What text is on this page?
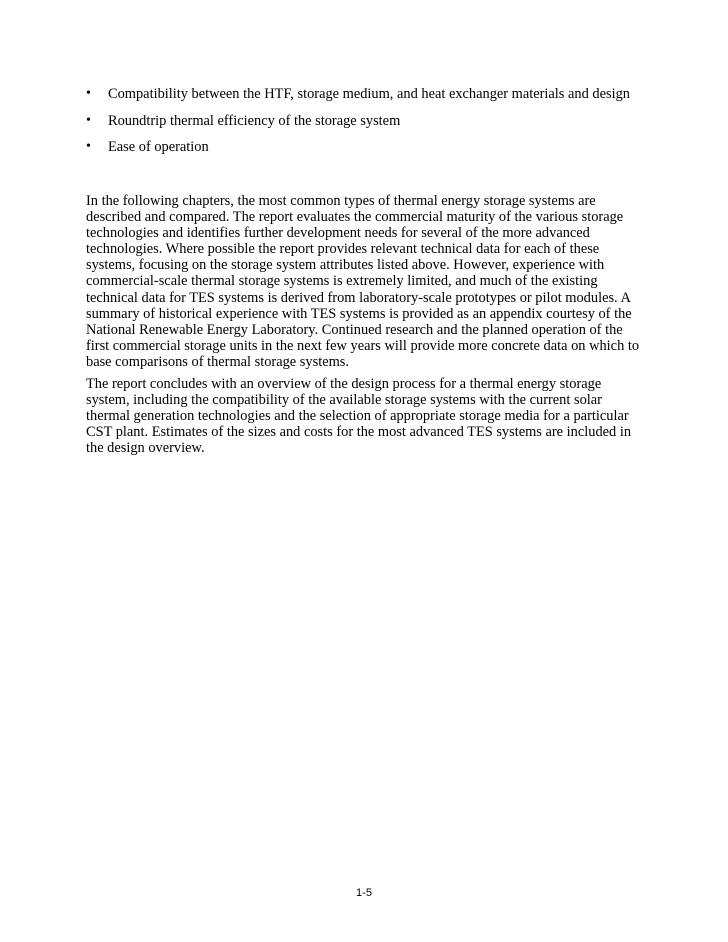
• Compatibility between the HTF, storage medium, and heat exchanger materials and design
• Roundtrip thermal efficiency of the storage system
• Ease of operation

In the following chapters, the most common types of thermal energy storage systems are described and compared. The report evaluates the commercial maturity of the various storage technologies and identifies further development needs for several of the more advanced technologies. Where possible the report provides relevant technical data for each of these systems, focusing on the storage system attributes listed above. However, experience with commercial-scale thermal storage systems is extremely limited, and much of the existing technical data for TES systems is derived from laboratory-scale prototypes or pilot modules. A summary of historical experience with TES systems is provided as an appendix courtesy of the National Renewable Energy Laboratory. Continued research and the planned operation of the first commercial storage units in the next few years will provide more concrete data on which to base comparisons of thermal storage systems.

The report concludes with an overview of the design process for a thermal energy storage system, including the compatibility of the available storage systems with the current solar thermal generation technologies and the selection of appropriate storage media for a particular CST plant. Estimates of the sizes and costs for the most advanced TES systems are included in the design overview.

1-5
